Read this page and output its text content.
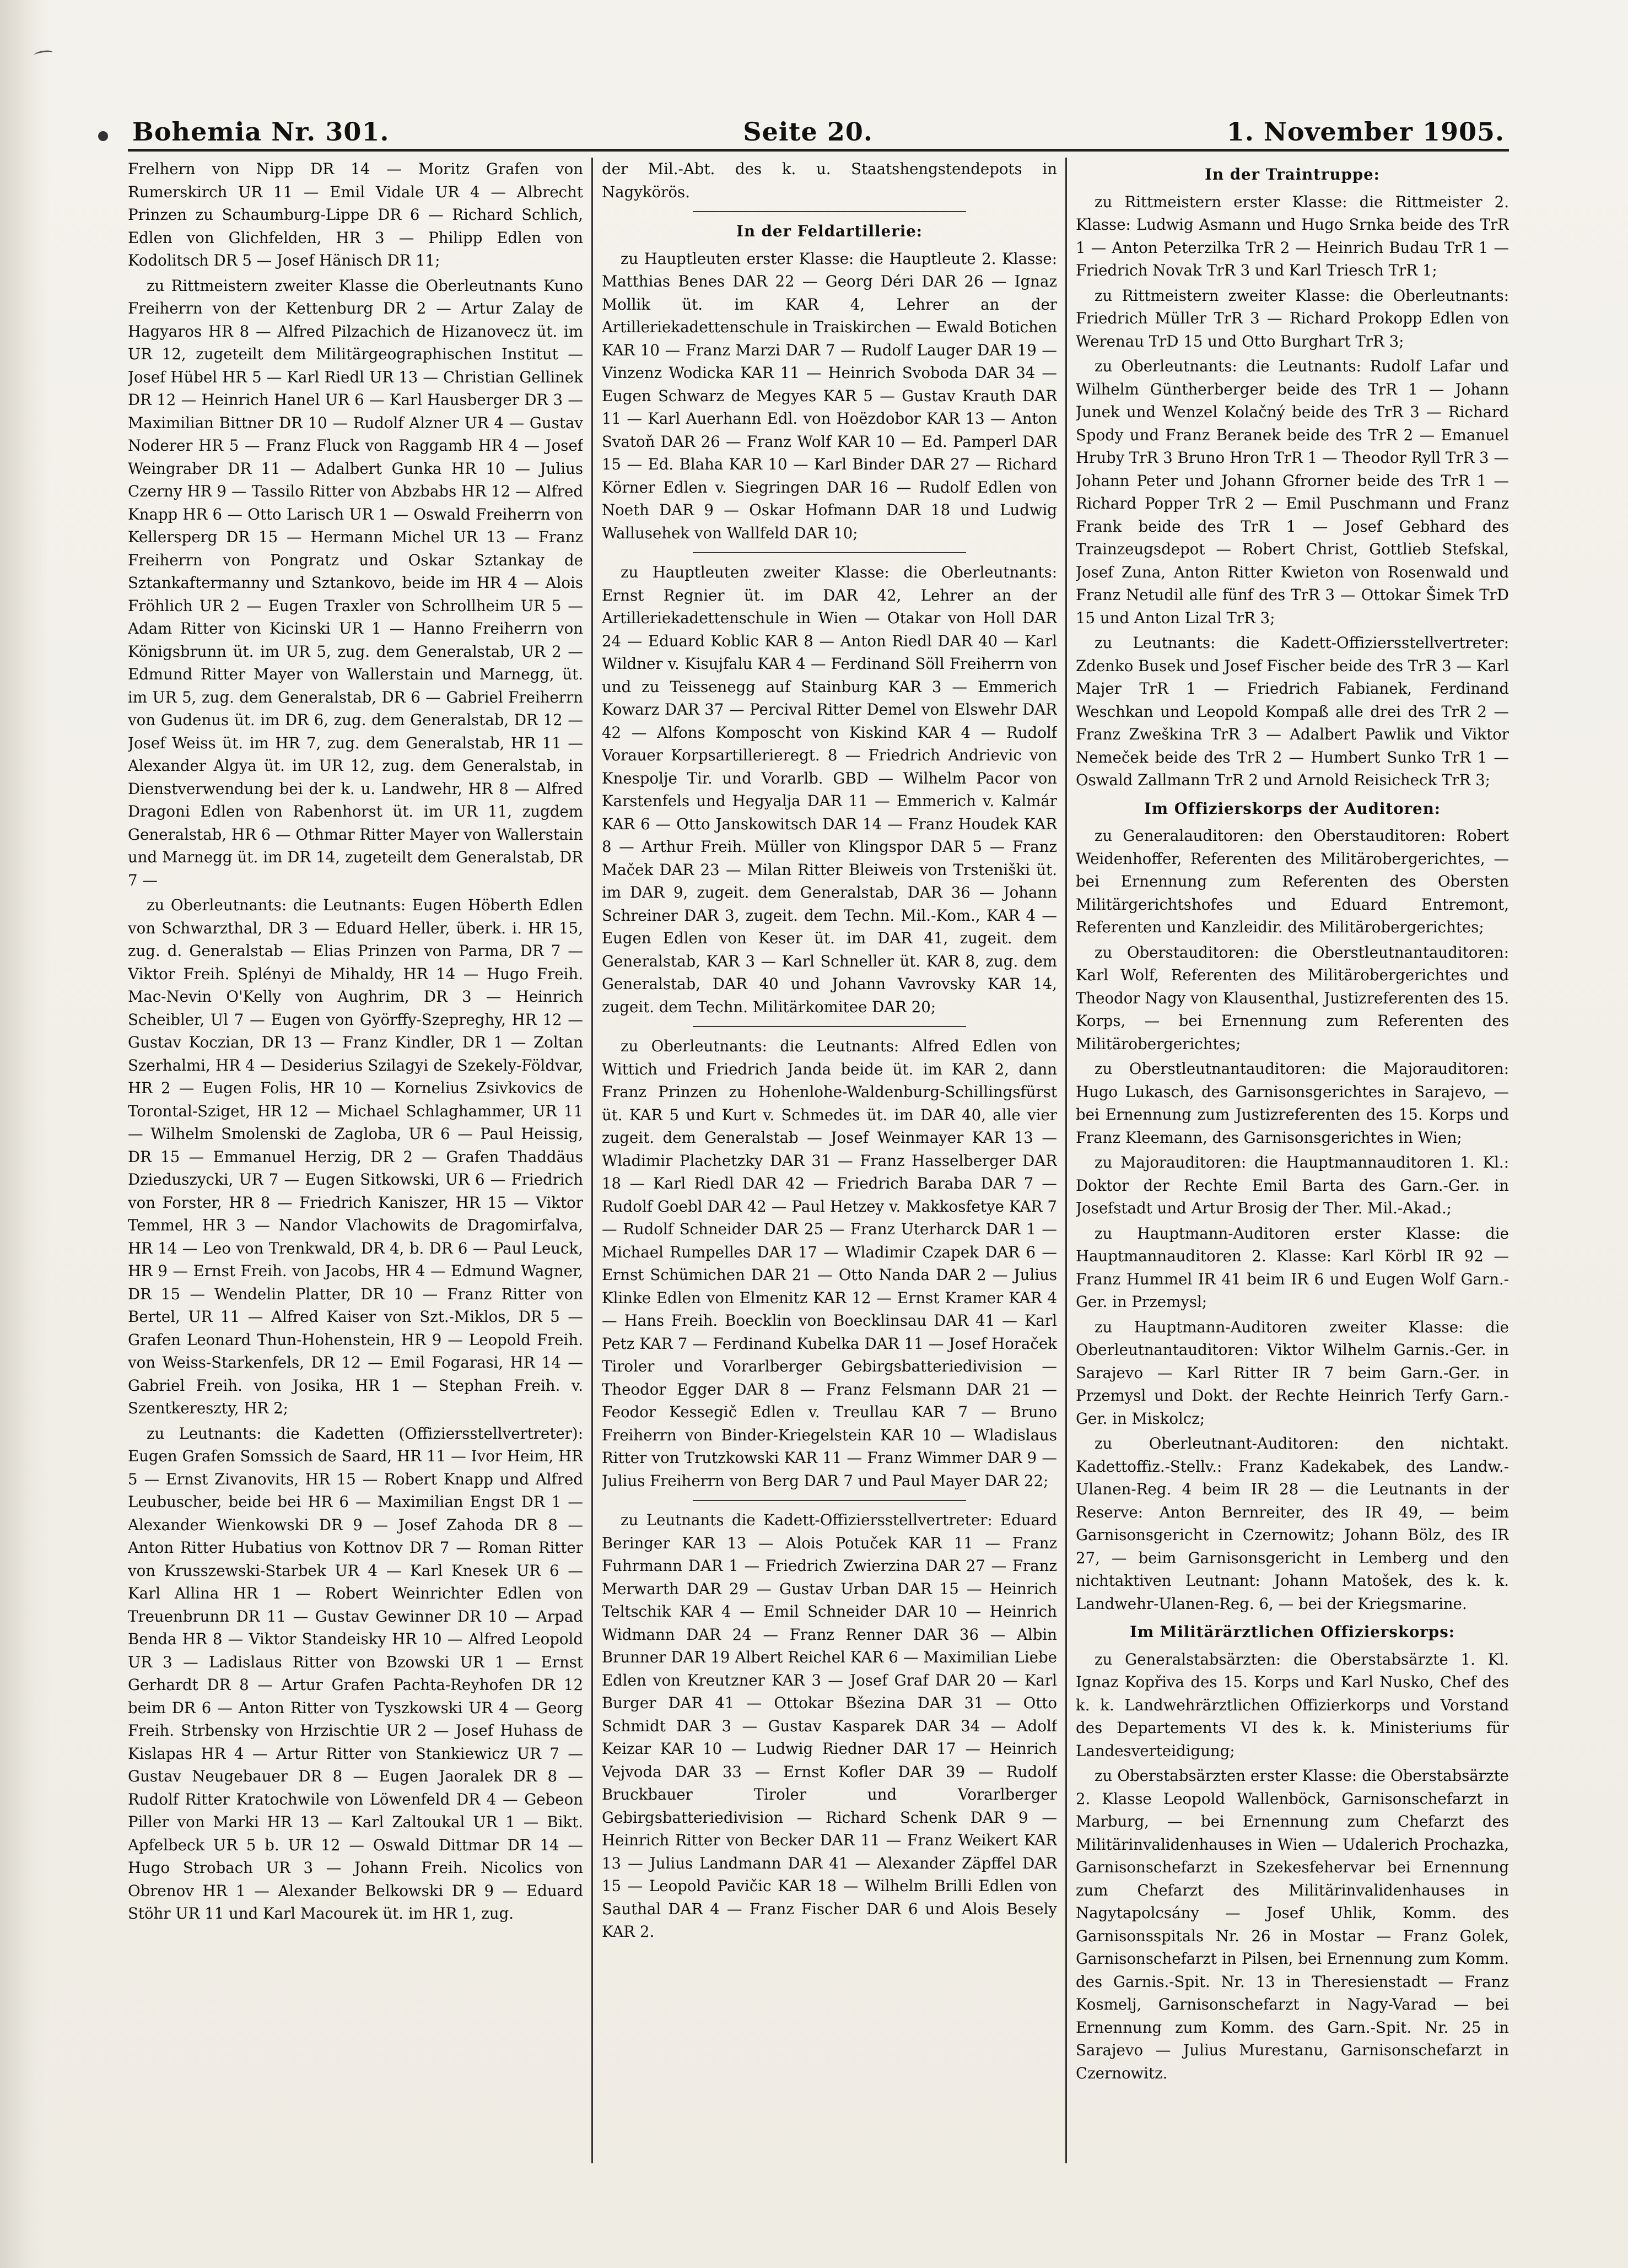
Bohemia Nr. 301.	Seite 20.	1. November 1905.

Frelhern von Nipp DR 14 — Moritz Grafen von Rumerskirch UR 11 — Emil Vidale UR 4 — Albrecht Prinzen zu Schaumburg-Lippe DR 6 — Richard Schlich, Edlen von Glichfelden, HR 3 — Philipp Edlen von Kodolitsch DR 5 — Josef Hänisch DR 11;

zu Rittmeistern zweiter Klasse die Oberleutnants Kuno Freiherrn von der Kettenburg DR 2 — Artur Zalay de Hagyaros HR 8 — Alfred Pilzachich de Hizanovecz üt. im UR 12, zugeteilt dem Militärgeographischen Institut — Josef Hübel HR 5 — Karl Riedl UR 13 — Christian Gellinek DR 12 — Heinrich Hanel UR 6 — Karl Hausberger DR 3 — Maximilian Bittner DR 10 — Rudolf Alzner UR 4 — Gustav Noderer HR 5 — Franz Fluck von Raggamb HR 4 — Josef Weingraber DR 11 — Adalbert Gunka HR 10 — Julius Czerny HR 9 — Tassilo Ritter von Abzbabs HR 12 — Alfred Knapp HR 6 — Otto Larisch UR 1 — Oswald Freiherrn von Kellersperg DR 15 — Hermann Michel UR 13 — Franz Freiherrn von Pongratz und Oskar Sztankay de Sztankaftermanny und Sztankovo, beide im HR 4 — Alois Fröhlich UR 2 — Eugen Traxler von Schrollheim UR 5 — Adam Ritter von Kicinski UR 1 — Hanno Freiherrn von Königsbrunn üt. im UR 5, zug. dem Generalstab, UR 2 — Edmund Ritter Mayer von Wallerstain und Marnegg, üt. im UR 5, zug. dem Generalstab, DR 6 — Gabriel Freiherrn von Gudenus üt. im DR 6, zug. dem Generalstab, DR 12 — Josef Weiss üt. im HR 7, zug. dem Generalstab, HR 11 — Alexander Algya üt. im UR 12, zug. dem Generalstab, in Dienstverwendung bei der k. u. Landwehr, HR 8 — Alfred Dragoni Edlen von Rabenhorst üt. im UR 11, zugdem Generalstab, HR 6 — Othmar Ritter Mayer von Wallerstain und Marnegg üt. im DR 14, zugeteilt dem Generalstab, DR 7 —

zu Oberleutnants: die Leutnants: Eugen Höberth Edlen von Schwarzthal, DR 3 — Eduard Heller, überk. i. HR 15, zug. d. Generalstab — Elias Prinzen von Parma, DR 7 — Viktor Freih. Splényi de Mihaldy, HR 14 — Hugo Freih. Mac-Nevin O'Kelly von Aughrim, DR 3 — Heinrich Scheibler, Ul 7 — Eugen von Györffy-Szepreghy, HR 12 — Gustav Koczian, DR 13 — Franz Kindler, DR 1 — Zoltan Szerhalmi, HR 4 — Desiderius Szilagyi de Szekely-Földvar, HR 2 — Eugen Folis, HR 10 — Kornelius Zsivkovics de Torontal-Sziget, HR 12 — Michael Schlaghammer, UR 11 — Wilhelm Smolenski de Zagloba, UR 6 — Paul Heissig, DR 15 — Emmanuel Herzig, DR 2 — Grafen Thaddäus Dzieduszycki, UR 7 — Eugen Sitkowski, UR 6 — Friedrich von Forster, HR 8 — Friedrich Kaniszer, HR 15 — Viktor Temmel, HR 3 — Nandor Vlachowits de Dragomirfalva, HR 14 — Leo von Trenkwald, DR 4, b. DR 6 — Paul Leuck, HR 9 — Ernst Freih. von Jacobs, HR 4 — Edmund Wagner, DR 15 — Wendelin Platter, DR 10 — Franz Ritter von Bertel, UR 11 — Alfred Kaiser von Szt.-Miklos, DR 5 — Grafen Leonard Thun-Hohenstein, HR 9 — Leopold Freih. von Weiss-Starkenfels, DR 12 — Emil Fogarasi, HR 14 — Gabriel Freih. von Josika, HR 1 — Stephan Freih. v. Szentkereszty, HR 2;

zu Leutnants: die Kadetten (Offiziersstellvertreter): Eugen Grafen Somssich de Saard, HR 11 — Ivor Heim, HR 5 — Ernst Zivanovits, HR 15 — Robert Knapp und Alfred Leubuscher, beide bei HR 6 — Maximilian Engst DR 1 — Alexander Wienkowski DR 9 — Josef Zahoda DR 8 — Anton Ritter Hubatius von Kottnov DR 7 — Roman Ritter von Krusszewski-Starbek UR 4 — Karl Knesek UR 6 — Karl Allina HR 1 — Robert Weinrichter Edlen von Treuenbrunn DR 11 — Gustav Gewinner DR 10 — Arpad Benda HR 8 — Viktor Standeisky HR 10 — Alfred Leopold UR 3 — Ladislaus Ritter von Bzowski UR 1 — Ernst Gerhardt DR 8 — Artur Grafen Pachta-Reyhofen DR 12 beim DR 6 — Anton Ritter von Tyszkowski UR 4 — Georg Freih. Strbensky von Hrzischtie UR 2 — Josef Huhass de Kislapas HR 4 — Artur Ritter von Stankiewicz UR 7 — Gustav Neugebauer DR 8 — Eugen Jaoralek DR 8 — Rudolf Ritter Kratochwile von Löwenfeld DR 4 — Gebeon Piller von Marki HR 13 — Karl Zaltoukal UR 1 — Bikt. Apfelbeck UR 5 b. UR 12 — Oswald Dittmar DR 14 — Hugo Strobach UR 3 — Johann Freih. Nicolics von Obrenov HR 1 — Alexander Belkowski DR 9 — Eduard Stöhr UR 11 und Karl Macourek üt. im HR 1, zug.

der Mil.-Abt. des k. u. Staatshengstendepots in Nagykörös.

In der Feldartillerie:

zu Hauptleuten erster Klasse: die Hauptleute 2. Klasse: Matthias Benes DAR 22 — Georg Déri DAR 26 — Ignaz Mollik üt. im KAR 4, Lehrer an der Artilleriekadettenschule in Traiskirchen — Ewald Botichen KAR 10 — Franz Marzi DAR 7 — Rudolf Lauger DAR 19 — Vinzenz Wodicka KAR 11 — Heinrich Svoboda DAR 34 — Eugen Schwarz de Megyes KAR 5 — Gustav Krauth DAR 11 — Karl Auerhann Edl. von Hoëzdobor KAR 13 — Anton Svatoň DAR 26 — Franz Wolf KAR 10 — Ed. Pamperl DAR 15 — Ed. Blaha KAR 10 — Karl Binder DAR 27 — Richard Körner Edlen v. Siegringen DAR 16 — Rudolf Edlen von Noeth DAR 9 — Oskar Hofmann DAR 18 und Ludwig Wallusehek von Wallfeld DAR 10;

zu Hauptleuten zweiter Klasse: die Oberleutnants: Ernst Regnier üt. im DAR 42, Lehrer an der Artilleriekadettenschule in Wien — Otakar von Holl DAR 24 — Eduard Koblic KAR 8 — Anton Riedl DAR 40 — Karl Wildner v. Kisujfalu KAR 4 — Ferdinand Söll Freiherrn von und zu Teissenegg auf Stainburg KAR 3 — Emmerich Kowarz DAR 37 — Percival Ritter Demel von Elswehr DAR 42 — Alfons Komposcht von Kiskind KAR 4 — Rudolf Vorauer Korpsartillerieregt. 8 — Friedrich Andrievic von Knespolje Tir. und Vorarlb. GBD — Wilhelm Pacor von Karstenfels und Hegyalja DAR 11 — Emmerich v. Kalmár KAR 6 — Otto Janskowitsch DAR 14 — Franz Houdek KAR 8 — Arthur Freih. Müller von Klingspor DAR 5 — Franz Maček DAR 23 — Milan Ritter Bleiweis von Trsteniški üt. im DAR 9, zugeit. dem Generalstab, DAR 36 — Johann Schreiner DAR 3, zugeit. dem Techn. Mil.-Kom., KAR 4 — Eugen Edlen von Keser üt. im DAR 41, zugeit. dem Generalstab, KAR 3 — Karl Schneller üt. KAR 8, zug. dem Generalstab, DAR 40 und Johann Vavrovsky KAR 14, zugeit. dem Techn. Militärkomitee DAR 20;

zu Oberleutnants: die Leutnants: Alfred Edlen von Wittich und Friedrich Janda beide üt. im KAR 2, dann Franz Prinzen zu Hohenlohe-Waldenburg-Schillingsfürst üt. KAR 5 und Kurt v. Schmedes üt. im DAR 40, alle vier zugeit. dem Generalstab — Josef Weinmayer KAR 13 — Wladimir Plachetzky DAR 31 — Franz Hasselberger DAR 18 — Karl Riedl DAR 42 — Friedrich Baraba DAR 7 — Rudolf Goebl DAR 42 — Paul Hetzey v. Makkosfetye KAR 7 — Rudolf Schneider DAR 25 — Franz Uterharck DAR 1 — Michael Rumpelles DAR 17 — Wladimir Czapek DAR 6 — Ernst Schümichen DAR 21 — Otto Nanda DAR 2 — Julius Klinke Edlen von Elmenitz KAR 12 — Ernst Kramer KAR 4 — Hans Freih. Boecklin von Boecklinsau DAR 41 — Karl Petz KAR 7 — Ferdinand Kubelka DAR 11 — Josef Horaček Tiroler und Vorarlberger Gebirgsbatteriedivision — Theodor Egger DAR 8 — Franz Felsmann DAR 21 — Feodor Kessegič Edlen v. Treullau KAR 7 — Bruno Freiherrn von Binder-Kriegelstein KAR 10 — Wladislaus Ritter von Trutzkowski KAR 11 — Franz Wimmer DAR 9 — Julius Freiherrn von Berg DAR 7 und Paul Mayer DAR 22;

zu Leutnants die Kadett-Offiziersstellvertreter: Eduard Beringer KAR 13 — Alois Potuček KAR 11 — Franz Fuhrmann DAR 1 — Friedrich Zwierzina DAR 27 — Franz Merwarth DAR 29 — Gustav Urban DAR 15 — Heinrich Teltschik KAR 4 — Emil Schneider DAR 10 — Heinrich Widmann DAR 24 — Franz Renner DAR 36 — Albin Brunner DAR 19 Albert Reichel KAR 6 — Maximilian Liebe Edlen von Kreutzner KAR 3 — Josef Graf DAR 20 — Karl Burger DAR 41 — Ottokar Bšezina DAR 31 — Otto Schmidt DAR 3 — Gustav Kasparek DAR 34 — Adolf Keizar KAR 10 — Ludwig Riedner DAR 17 — Heinrich Vejvoda DAR 33 — Ernst Kofler DAR 39 — Rudolf Bruckbauer Tiroler und Vorarlberger Gebirgsbatteriedivision — Richard Schenk DAR 9 — Heinrich Ritter von Becker DAR 11 — Franz Weikert KAR 13 — Julius Landmann DAR 41 — Alexander Zäpffel DAR 15 — Leopold Pavičic KAR 18 — Wilhelm Brilli Edlen von Sauthal DAR 4 — Franz Fischer DAR 6 und Alois Besely KAR 2.

In der Traintruppe:

zu Rittmeistern erster Klasse: die Rittmeister 2. Klasse: Ludwig Asmann und Hugo Srnka beide des TrR 1 — Anton Peterzilka TrR 2 — Heinrich Budau TrR 1 — Friedrich Novak TrR 3 und Karl Triesch TrR 1;

zu Rittmeistern zweiter Klasse: die Oberleutnants: Friedrich Müller TrR 3 — Richard Prokopp Edlen von Werenau TrD 15 und Otto Burghart TrR 3;

zu Oberleutnants: die Leutnants: Rudolf Lafar und Wilhelm Güntherberger beide des TrR 1 — Johann Junek und Wenzel Kolačný beide des TrR 3 — Richard Spody und Franz Beranek beide des TrR 2 — Emanuel Hruby TrR 3 Bruno Hron TrR 1 — Theodor Ryll TrR 3 — Johann Peter und Johann Gfrorner beide des TrR 1 — Richard Popper TrR 2 — Emil Puschmann und Franz Frank beide des TrR 1 — Josef Gebhard des Trainzeugsdepot — Robert Christ, Gottlieb Stefskal, Josef Zuna, Anton Ritter Kwieton von Rosenwald und Franz Netudil alle fünf des TrR 3 — Ottokar Šimek TrD 15 und Anton Lizal TrR 3;

zu Leutnants: die Kadett-Offiziersstellvertreter: Zdenko Busek und Josef Fischer beide des TrR 3 — Karl Majer TrR 1 — Friedrich Fabianek, Ferdinand Weschkan und Leopold Kompaß alle drei des TrR 2 — Franz Zweškina TrR 3 — Adalbert Pawlik und Viktor Nemeček beide des TrR 2 — Humbert Sunko TrR 1 — Oswald Zallmann TrR 2 und Arnold Reisicheck TrR 3;

Im Offizierskorps der Auditoren:

zu Generalauditoren: den Oberstauditoren: Robert Weidenhoffer, Referenten des Militärobergerichtes, — bei Ernennung zum Referenten des Obersten Militärgerichtshofes und Eduard Entremont, Referenten und Kanzleidir. des Militärobergerichtes;

zu Oberstauditoren: die Oberstleutnantauditoren: Karl Wolf, Referenten des Militärobergerichtes und Theodor Nagy von Klausenthal, Justizreferenten des 15. Korps, — bei Ernennung zum Referenten des Militärobergerichtes;

zu Oberstleutnantauditoren: die Majorauditoren: Hugo Lukasch, des Garnisonsgerichtes in Sarajevo, — bei Ernennung zum Justizreferenten des 15. Korps und Franz Kleemann, des Garnisonsgerichtes in Wien;

zu Majorauditoren: die Hauptmannauditoren 1. Kl.: Doktor der Rechte Emil Barta des Garn.-Ger. in Josefstadt und Artur Brosig der Ther. Mil.-Akad.;

zu Hauptmann-Auditoren erster Klasse: die Hauptmannauditoren 2. Klasse: Karl Körbl IR 92 — Franz Hummel IR 41 beim IR 6 und Eugen Wolf Garn.-Ger. in Przemysl;

zu Hauptmann-Auditoren zweiter Klasse: die Oberleutnantauditoren: Viktor Wilhelm Garnis.-Ger. in Sarajevo — Karl Ritter IR 7 beim Garn.-Ger. in Przemysl und Dokt. der Rechte Heinrich Terfy Garn.-Ger. in Miskolcz;

zu Oberleutnant-Auditoren: den nichtakt. Kadettoffiz.-Stellv.: Franz Kadekabek, des Landw.-Ulanen-Reg. 4 beim IR 28 — die Leutnants in der Reserve: Anton Bernreiter, des IR 49, — beim Garnisonsgericht in Czernowitz; Johann Bölz, des IR 27, — beim Garnisonsgericht in Lemberg und den nichtaktiven Leutnant: Johann Matošek, des k. k. Landwehr-Ulanen-Reg. 6, — bei der Kriegsmarine.

Im Militärärztlichen Offizierskorps:

zu Generalstabsärzten: die Oberstabsärzte 1. Kl. Ignaz Kopřiva des 15. Korps und Karl Nusko, Chef des k. k. Landwehrärztlichen Offizierkorps und Vorstand des Departements VI des k. k. Ministeriums für Landesverteidigung;

zu Oberstabsärzten erster Klasse: die Oberstabsärzte 2. Klasse Leopold Wallenböck, Garnisonschefarzt in Marburg, — bei Ernennung zum Chefarzt des Militärinvalidenhauses in Wien — Udalerich Prochazka, Garnisonschefarzt in Szekesfehervar bei Ernennung zum Chefarzt des Militärinvalidenhauses in Nagytapolcsány — Josef Uhlik, Komm. des Garnisonsspitals Nr. 26 in Mostar — Franz Golek, Garnisonschefarzt in Pilsen, bei Ernennung zum Komm. des Garnis.-Spit. Nr. 13 in Theresienstadt — Franz Kosmelj, Garnisonschefarzt in Nagy-Varad — bei Ernennung zum Komm. des Garn.-Spit. Nr. 25 in Sarajevo — Julius Murestanu, Garnisonschefarzt in Czernowitz.
